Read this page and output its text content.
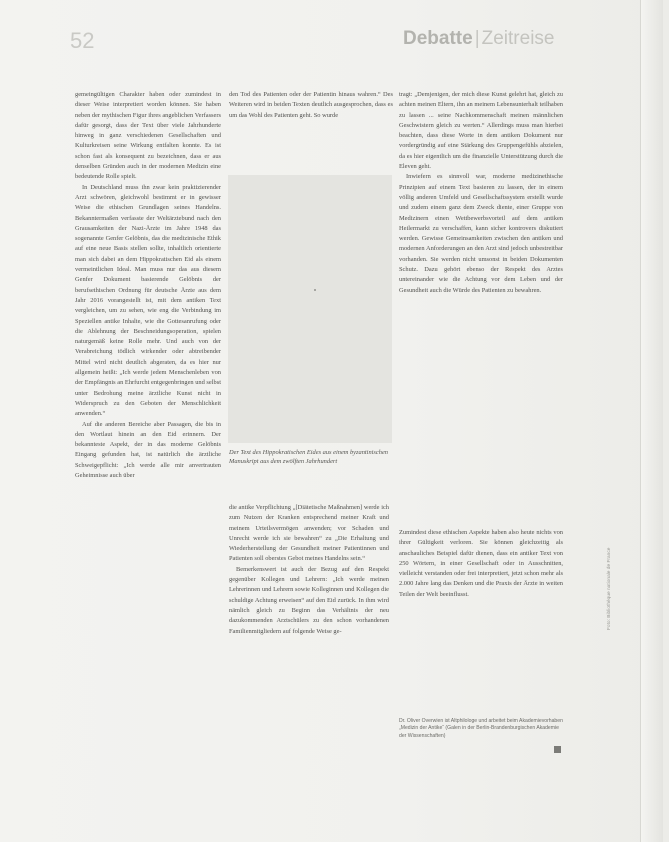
52	Debatte | Zeitreise

gemeingültigen Charakter haben oder zumindest in dieser Weise interpretiert worden können. Sie haben neben der mythischen Figur ihres angeblichen Verfassers dafür gesorgt, dass der Text über viele Jahrhunderte hinweg in ganz verschiedenen Gesellschaften und Kulturkreisen seine Wirkung entfalten konnte. Es ist schon fast als konsequent zu bezeichnen, dass er aus denselben Gründen auch in der modernen Medizin eine bedeutende Rolle spielt.

In Deutschland muss ihn zwar kein praktizierender Arzt schwören, gleichwohl bestimmt er in gewisser Weise die ethischen Grundlagen seines Handelns. Bekanntermaßen verfasste der Weltärztebund nach den Grausamkeiten der Nazi-Ärzte im Jahre 1948 das sogenannte Genfer Gelöbnis, das die medizinische Ethik auf eine neue Basis stellen sollte, inhaltlich orientierte man sich dabei an dem Hippokratischen Eid als einem vermeintlichen Ideal. Man muss nur das aus diesem Genfer Dokument basierende Gelöbnis der berufsethischen Ordnung für deutsche Ärzte aus dem Jahr 2016 vorangestellt ist, mit dem antiken Text vergleichen, um zu sehen, wie eng die Verbindung im Speziellen antike Inhalte, wie die Gottesanrufung oder die Ablehnung der Beschneidungsoperation, spielen naturgemäß keine Rolle mehr. Und auch von der Verabreichung tödlich wirkender oder abtreibender Mittel wird nicht deutlich abgeraten, da es hier nur allgemein heißt: „Ich werde jedem Menschenleben von der Empfängnis an Ehrfurcht entgegenbringen und selbst unter Bedrohung meine ärztliche Kunst nicht in Widerspruch zu den Geboten der Menschlichkeit anwenden.“

Auf die anderen Bereiche aber Passagen, die bis in den Wortlaut hinein an den Eid erinnern. Der bekannteste Aspekt, der in das moderne Gelöbnis Eingang gefunden hat, ist natürlich die ärztliche Schweigepflicht: „Ich werde alle mir anvertrauten Geheimnisse auch über

den Tod des Patienten oder der Patientin hinaus wahren.“ Des Weiteren wird in beiden Texten deutlich ausgesprochen, dass es um das Wohl des Patienten geht. So wurde

Der Text des Hippokratischen Eides aus einem byzantinischen Manuskript aus dem zwölften Jahrhundert

tragt: „Demjenigen, der mich diese Kunst gelehrt hat, gleich zu achten meinen Eltern, ihn an meinem Lebensunterhalt teilhaben zu lassen ... seine Nachkommenschaft meinen männlichen Geschwistern gleich zu werten.“ Allerdings muss man hierbei beachten, dass diese Worte in dem antiken Dokument nur vordergründig auf eine Stärkung des Gruppengefühls abzielen, da es hier eigentlich um die finanzielle Unterstützung durch die Eleven geht.

Inwiefern es sinnvoll war, moderne medizinethische Prinzipien auf einem Text basieren zu lassen, der in einem völlig anderen Umfeld und Gesellschaftssystem erstellt wurde und zudem einem ganz dem Zweck diente, einer Gruppe von Medizinern einen Wettbewerbsvorteil auf dem antiken Heilermarkt zu verschaffen, kann sicher kontrovers diskutiert werden. Gewisse Gemeinsamkeiten zwischen den antiken und modernen Anforderungen an den Arzt sind jedoch unbestreitbar vorhanden. Sie werden nicht umsonst in beiden Dokumenten Schutz. Dazu gehört ebenso der Respekt des Arztes untereinander wie die Achtung vor dem Leben und der Gesundheit auch die Würde des Patienten zu bewahren.

die antike Verpflichtung „[Diätetische Maßnahmen] werde ich zum Nutzen der Kranken entsprechend meiner Kraft und meinem Urteilsvermögen anwenden; vor Schaden und Unrecht werde ich sie bewahren“ zu „Die Erhaltung und Wiederherstellung der Gesundheit meiner Patientinnen und Patienten soll oberstes Gebot meines Handelns sein.“

Bemerkenswert ist auch der Bezug auf den Respekt gegenüber Kollegen und Lehrern: „Ich werde meinen Lehrerinnen und Lehrern sowie Kolleginnen und Kollegen die schuldige Achtung erweisen“ auf den Eid zurück. In ihm wird nämlich gleich zu Beginn das Verhältnis der neu dazukommenden Arztschülers zu den schon vorhandenen Familienmitgliedern auf folgende Weise ge-

Zumindest diese ethischen Aspekte haben also heute nichts von ihrer Gültigkeit verloren. Sie können gleichzeitig als anschauliches Beispiel dafür dienen, dass ein antiker Text von 250 Wörtern, in einer Gesellschaft oder in Ausschnitten, vielleicht verstanden oder frei interpretiert, jetzt schon mehr als 2.000 Jahre lang das Denken und die Praxis der Ärzte in weiten Teilen der Welt beeinflusst.

Dr. Oliver Overwien ist Altphilologe und arbeitet beim Akademievorhaben „Medizin der Antike“ (Galen in der Berlin-Brandenburgischen Akademie der Wissenschaften)
Foto: Bibliothèque nationale de France
